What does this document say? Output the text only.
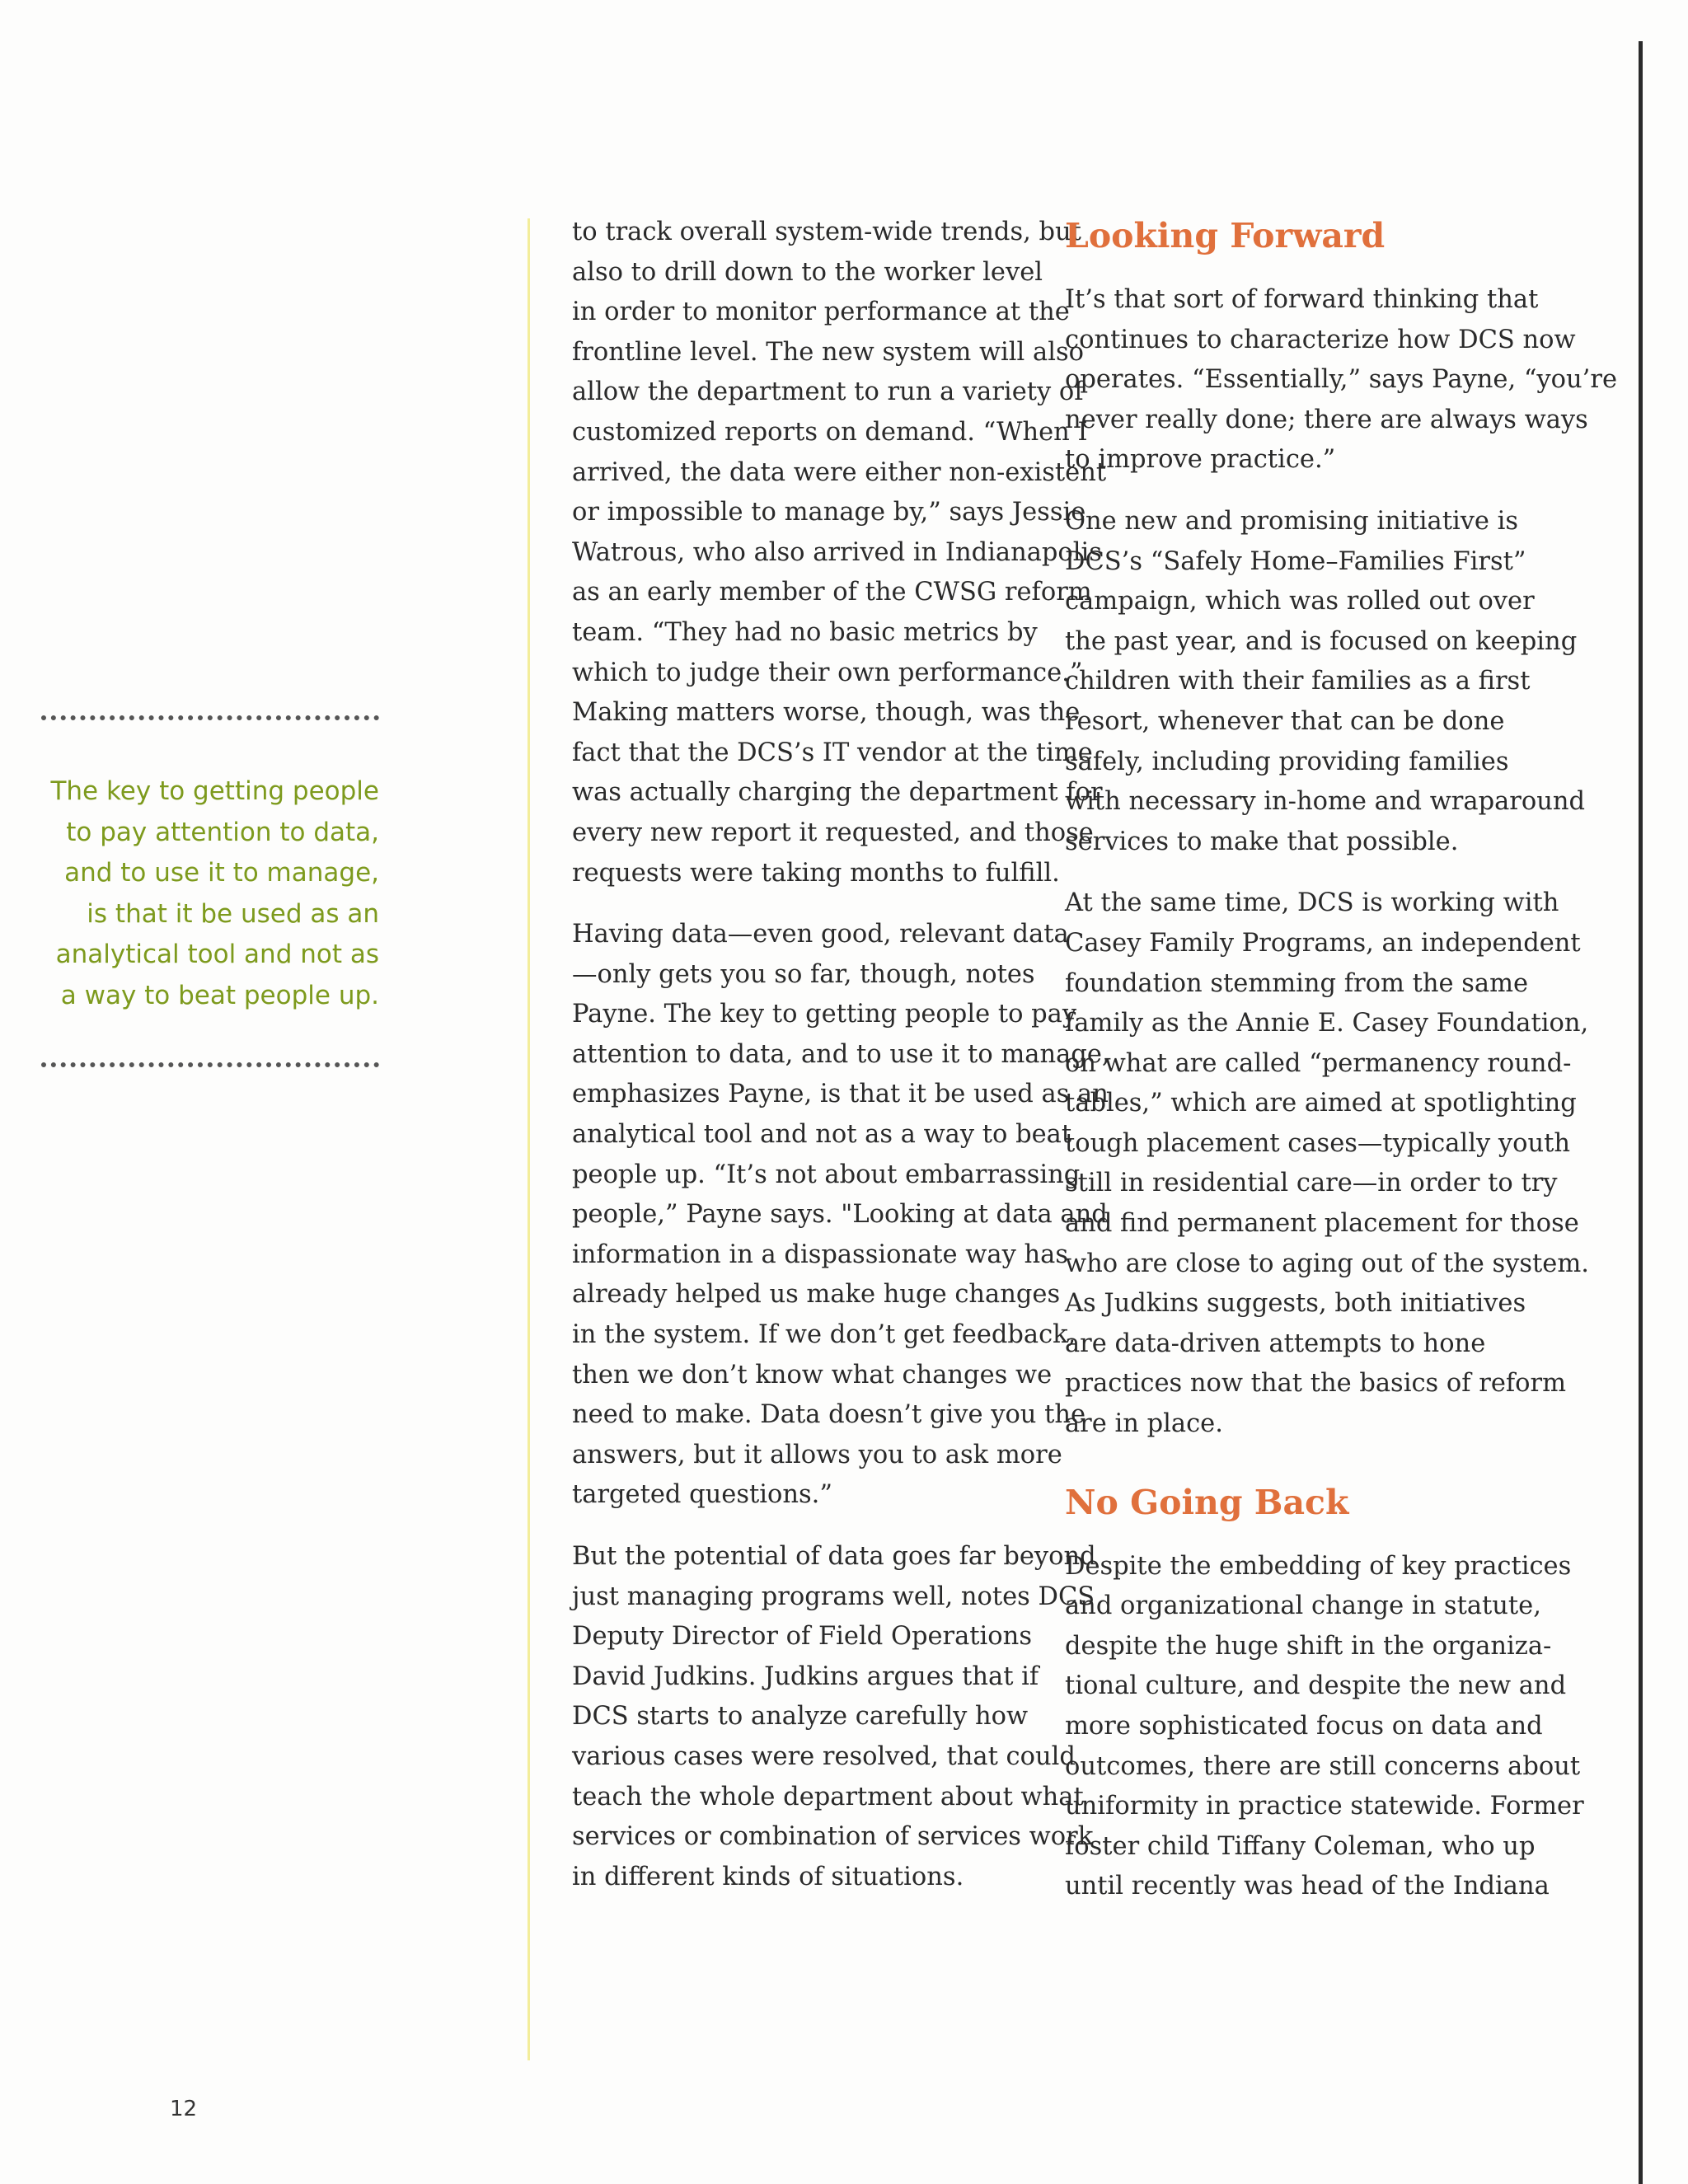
The key to getting people
to pay attention to data,
and to use it to manage,
is that it be used as an
analytical tool and not as
a way to beat people up.

to track overall system-wide trends, but
also to drill down to the worker level
in order to monitor performance at the
frontline level. The new system will also
allow the department to run a variety of
customized reports on demand. “When I
arrived, the data were either non-existent
or impossible to manage by,” says Jessie
Watrous, who also arrived in Indianapolis
as an early member of the CWSG reform
team. “They had no basic metrics by
which to judge their own performance.”
Making matters worse, though, was the
fact that the DCS’s IT vendor at the time
was actually charging the department for
every new report it requested, and those
requests were taking months to fulfill.

Having data—even good, relevant data
—only gets you so far, though, notes
Payne. The key to getting people to pay
attention to data, and to use it to manage,
emphasizes Payne, is that it be used as an
analytical tool and not as a way to beat
people up. “It’s not about embarrassing
people,” Payne says. "Looking at data and
information in a dispassionate way has
already helped us make huge changes
in the system. If we don’t get feedback,
then we don’t know what changes we
need to make. Data doesn’t give you the
answers, but it allows you to ask more
targeted questions.”

But the potential of data goes far beyond
just managing programs well, notes DCS
Deputy Director of Field Operations
David Judkins. Judkins argues that if
DCS starts to analyze carefully how
various cases were resolved, that could
teach the whole department about what
services or combination of services work
in different kinds of situations.

Looking Forward

It’s that sort of forward thinking that
continues to characterize how DCS now
operates. “Essentially,” says Payne, “you’re
never really done; there are always ways
to improve practice.”

One new and promising initiative is
DCS’s “Safely Home–Families First”
campaign, which was rolled out over
the past year, and is focused on keeping
children with their families as a first
resort, whenever that can be done
safely, including providing families
with necessary in-home and wraparound
services to make that possible.

At the same time, DCS is working with
Casey Family Programs, an independent
foundation stemming from the same
family as the Annie E. Casey Foundation,
on what are called “permanency round-
tables,” which are aimed at spotlighting
tough placement cases—typically youth
still in residential care—in order to try
and find permanent placement for those
who are close to aging out of the system.
As Judkins suggests, both initiatives
are data-driven attempts to hone
practices now that the basics of reform
are in place.

No Going Back

Despite the embedding of key practices
and organizational change in statute,
despite the huge shift in the organiza-
tional culture, and despite the new and
more sophisticated focus on data and
outcomes, there are still concerns about
uniformity in practice statewide. Former
foster child Tiffany Coleman, who up
until recently was head of the Indiana

12
